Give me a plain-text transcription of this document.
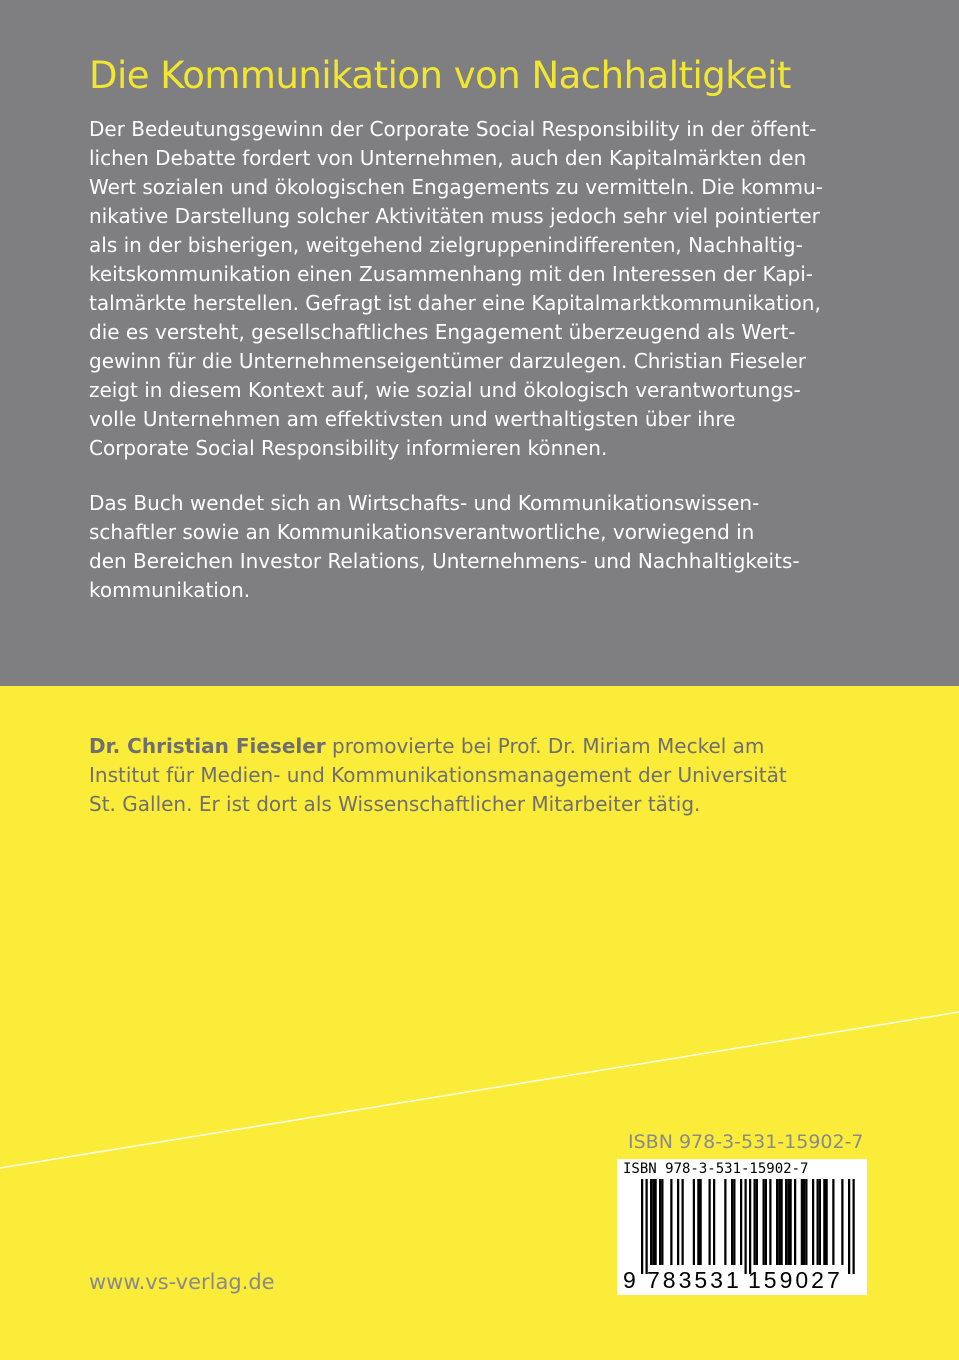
Die Kommunikation von Nachhaltigkeit
Der Bedeutungsgewinn der Corporate Social Responsibility in der öffent-
lichen Debatte fordert von Unternehmen, auch den Kapitalmärkten den
Wert sozialen und ökologischen Engagements zu vermitteln. Die kommu-
nikative Darstellung solcher Aktivitäten muss jedoch sehr viel pointierter
als in der bisherigen, weitgehend zielgruppenindifferenten, Nachhaltig-
keitskommunikation einen Zusammenhang mit den Interessen der Kapi-
talmärkte herstellen. Gefragt ist daher eine Kapitalmarktkommunikation,
die es versteht, gesellschaftliches Engagement überzeugend als Wert-
gewinn für die Unternehmenseigentümer darzulegen. Christian Fieseler
zeigt in diesem Kontext auf, wie sozial und ökologisch verantwortungs-
volle Unternehmen am effektivsten und werthaltigsten über ihre
Corporate Social Responsibility informieren können.
Das Buch wendet sich an Wirtschafts- und Kommunikationswissen-
schaftler sowie an Kommunikationsverantwortliche, vorwiegend in
den Bereichen Investor Relations, Unternehmens- und Nachhaltigkeits-
kommunikation.
Dr. Christian Fieseler promovierte bei Prof. Dr. Miriam Meckel am
Institut für Medien- und Kommunikationsmanagement der Universität
St. Gallen. Er ist dort als Wissenschaftlicher Mitarbeiter tätig.
ISBN 978-3-531-15902-7
ISBN 978-3-531-15902-7
9 783531 159027
www.vs-verlag.de
